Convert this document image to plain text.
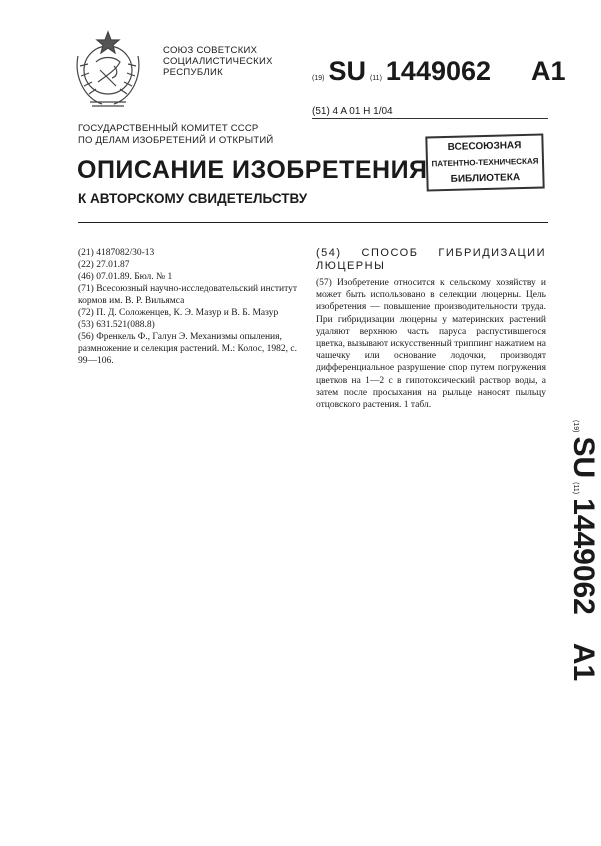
СОЮЗ СОВЕТСКИХ
СОЦИАЛИСТИЧЕСКИХ
РЕСПУБЛИК
(19) SU (11) 1449062 A1
(51) 4 A 01 H 1/04
ГОСУДАРСТВЕННЫЙ КОМИТЕТ СССР
ПО ДЕЛАМ ИЗОБРЕТЕНИЙ И ОТКРЫТИЙ
ВСЕСОЮЗНАЯ
ПАТЕНТНО-ТЕХНИЧЕСКАЯ
БИБЛИОТЕКА
ОПИСАНИЕ ИЗОБРЕТЕНИЯ
К АВТОРСКОМУ СВИДЕТЕЛЬСТВУ

(21) 4187082/30-13

(22) 27.01.87

(46) 07.01.89. Бюл. № 1

(71) Всесоюзный научно-исследовательский институт кормов им. В. Р. Вильямса

(72) П. Д. Соложенцев, К. Э. Мазур и В. Б. Мазур

(53) 631.521(088.8)

(56) Френкель Ф., Галун Э. Механизмы опыления, размножение и селекция растений. М.: Колос, 1982, с. 99—106.

(54) СПОСОБ ГИБРИДИЗАЦИИ ЛЮЦЕРНЫ

(57) Изобретение относится к сельскому хозяйству и может быть использовано в селекции люцерны. Цель изобретения — повышение производительности труда. При гибридизации люцерны у материнских растений удаляют верхнюю часть паруса распустившегося цветка, вызывают искусственный триппинг нажатием на чашечку или основание лодочки, производят дифференциальное разрушение спор путем погружения цветков на 1—2 с в гипотоксический раствор воды, а затем после просыхания на рыльце наносят пыльцу отцовского растения. 1 табл.

(19) SU (11) 1449062 A1
